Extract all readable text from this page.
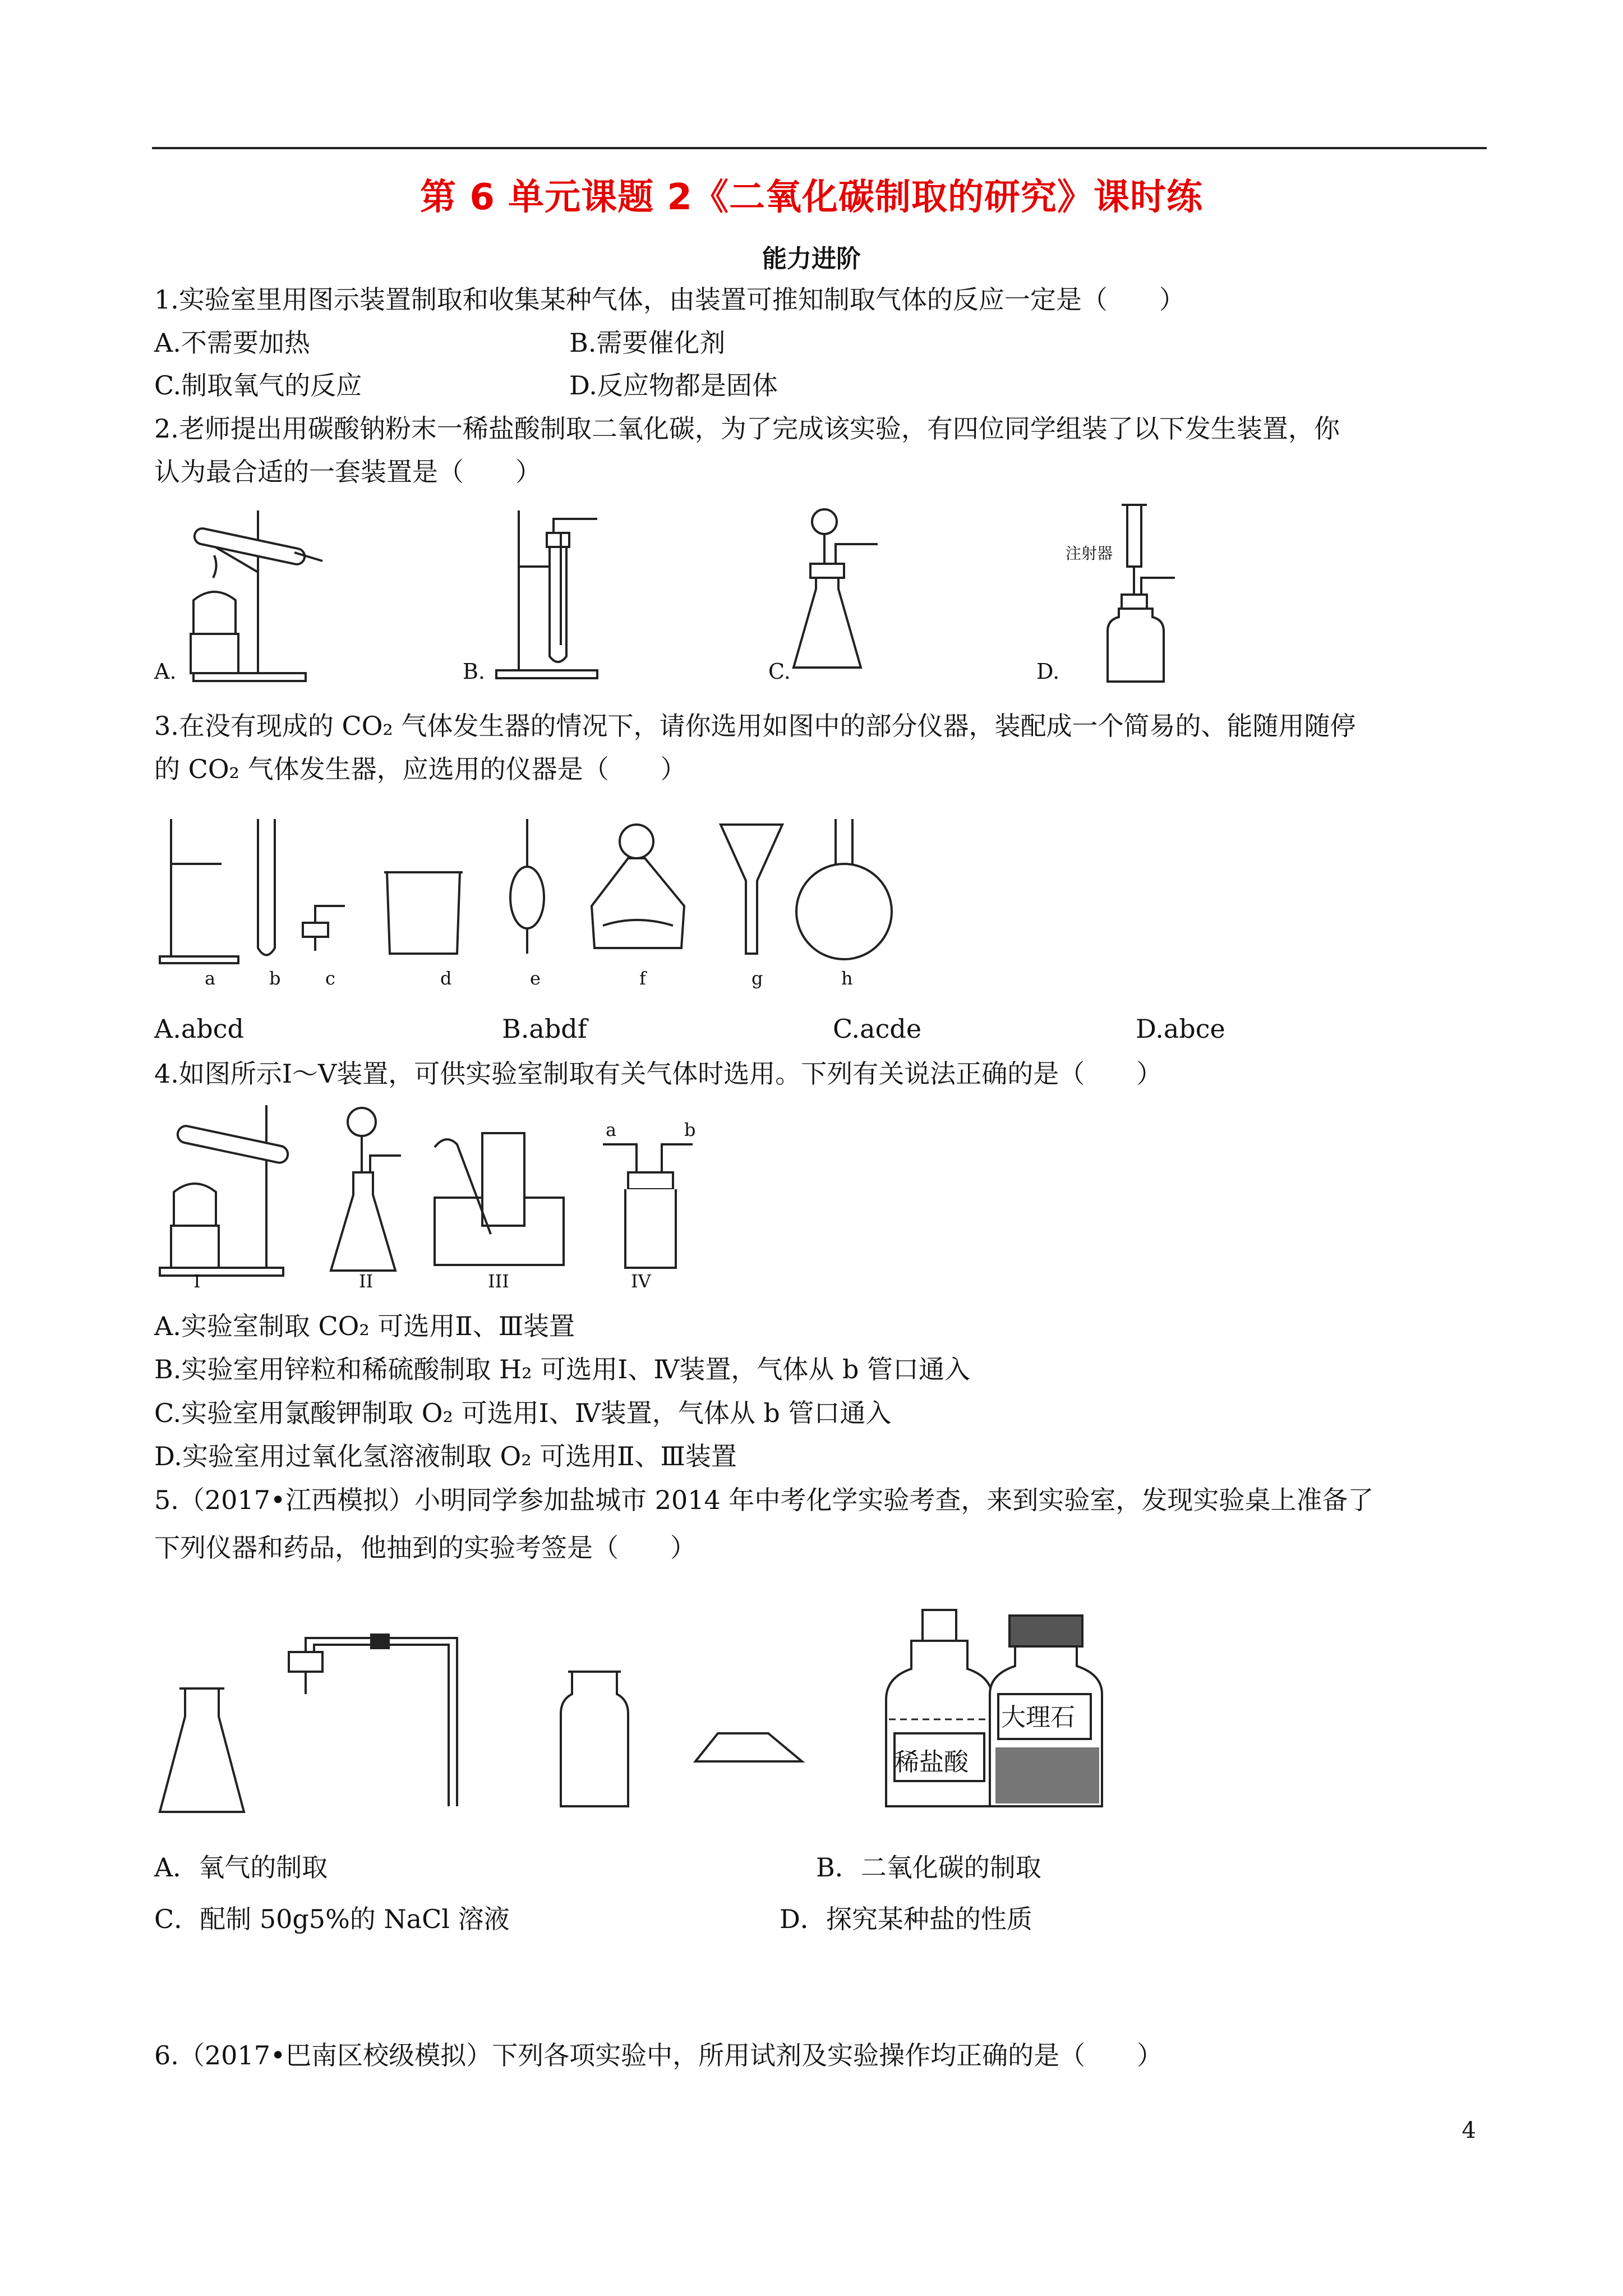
第 6 单元课题 2《二氧化碳制取的研究》课时练
能力进阶
1.实验室里用图示装置制取和收集某种气体，由装置可推知制取气体的反应一定是（　　）
A.不需要加热	B.需要催化剂
C.制取氧气的反应	D.反应物都是固体
2.老师提出用碳酸钠粉末一稀盐酸制取二氧化碳，为了完成该实验，有四位同学组装了以下发生装置，你
认为最合适的一套装置是（　　）
A.	B.	C.	D.
注射器
3.在没有现成的 CO₂ 气体发生器的情况下，请你选用如图中的部分仪器，装配成一个简易的、能随用随停
的 CO₂ 气体发生器，应选用的仪器是（　　）
a	b c	d	e	f	g	h
A.abcd	B.abdf	C.acde	D.abce
4.如图所示Ⅰ～Ⅴ装置，可供实验室制取有关气体时选用。下列有关说法正确的是（　　）
I	II	III	IV
a	b
A.实验室制取 CO₂ 可选用Ⅱ、Ⅲ装置
B.实验室用锌粒和稀硫酸制取 H₂ 可选用Ⅰ、Ⅳ装置，气体从 b 管口通入
C.实验室用氯酸钾制取 O₂ 可选用Ⅰ、Ⅳ装置，气体从 b 管口通入
D.实验室用过氧化氢溶液制取 O₂ 可选用Ⅱ、Ⅲ装置
5.（2017•江西模拟）小明同学参加盐城市 2014 年中考化学实验考查，来到实验室，发现实验桌上准备了
下列仪器和药品，他抽到的实验考签是（　　）
稀盐酸
大理石
A．氧气的制取	B．二氧化碳的制取
C．配制 50g5%的 NaCl 溶液	D．探究某种盐的性质
6.（2017•巴南区校级模拟）下列各项实验中，所用试剂及实验操作均正确的是（　　）
4
